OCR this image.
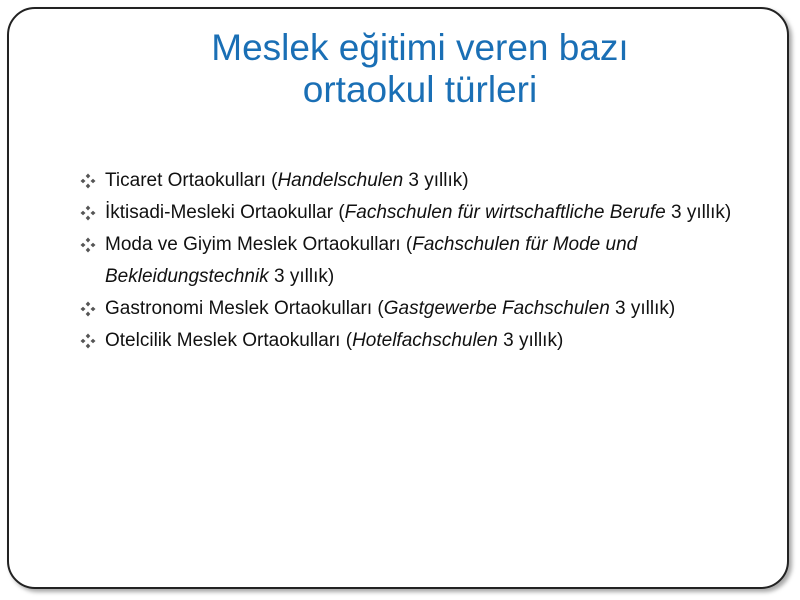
Meslek eğitimi veren bazı
ortaokul türleri
Ticaret Ortaokulları (Handelschulen 3 yıllık)
İktisadi-Mesleki Ortaokullar (Fachschulen für wirtschaftliche Berufe 3 yıllık)
Moda ve Giyim Meslek Ortaokulları (Fachschulen für Mode und Bekleidungstechnik 3 yıllık)
Gastronomi Meslek Ortaokulları (Gastgewerbe Fachschulen 3 yıllık)
Otelcilik Meslek Ortaokulları (Hotelfachschulen 3 yıllık)
